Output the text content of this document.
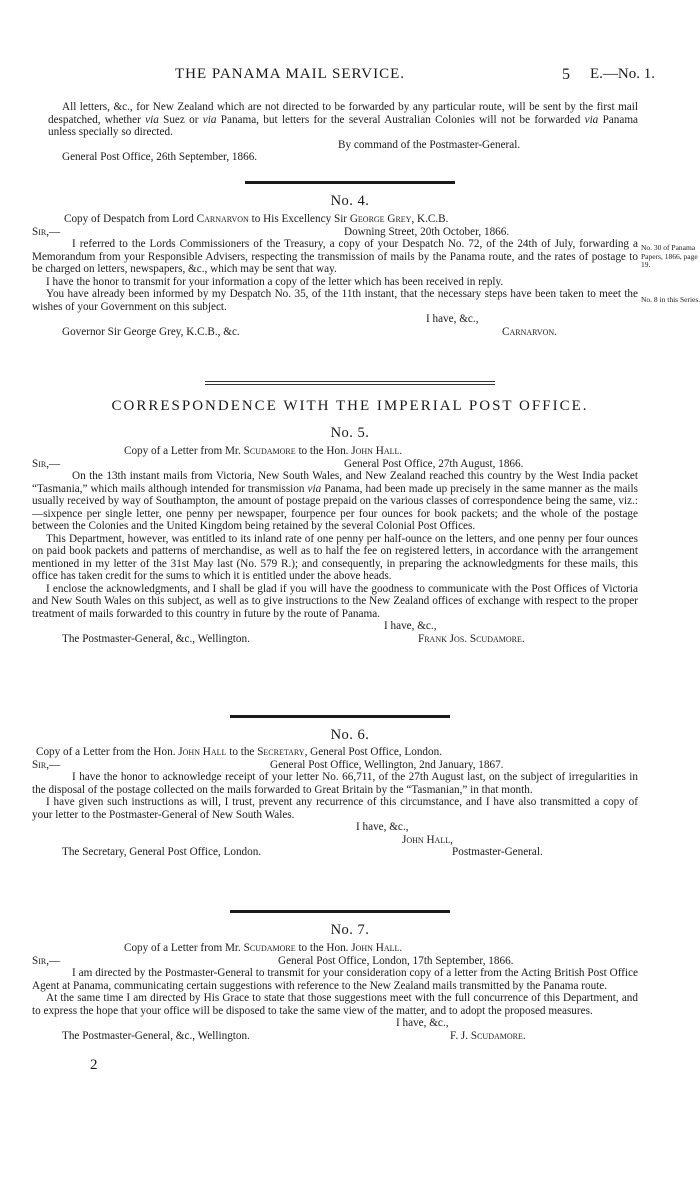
THE PANAMA MAIL SERVICE.	5 E.—No. 1.

All letters, &c., for New Zealand which are not directed to be forwarded by any particular route, will be sent by the first mail despatched, whether via Suez or via Panama, but letters for the several Australian Colonies will not be forwarded via Panama unless specially so directed.

By command of the Postmaster-General.

General Post Office, 26th September, 1866.

No. 4.

Copy of Despatch from Lord Carnarvon to His Excellency Sir George Grey, K.C.B.

Sir,—	Downing Street, 20th October, 1866.

I referred to the Lords Commissioners of the Treasury, a copy of your Despatch No. 72, of the 24th of July, forwarding a Memorandum from your Responsible Advisers, respecting the transmission of mails by the Panama route, and the rates of postage to be charged on letters, newspapers, &c., which may be sent that way.

I have the honor to transmit for your information a copy of the letter which has been received in reply.

You have already been informed by my Despatch No. 35, of the 11th instant, that the necessary steps have been taken to meet the wishes of your Government on this subject.

I have, &c.,

Governor Sir George Grey, K.C.B., &c.	Carnarvon.
No. 30 of Panama Papers, 1866, page 19.
No. 8 in this Series.

CORRESPONDENCE WITH THE IMPERIAL POST OFFICE.

No. 5.

Copy of a Letter from Mr. Scudamore to the Hon. John Hall.

Sir,—	General Post Office, 27th August, 1866.

On the 13th instant mails from Victoria, New South Wales, and New Zealand reached this country by the West India packet “Tasmania,” which mails although intended for transmission via Panama, had been made up precisely in the same manner as the mails usually received by way of Southampton, the amount of postage prepaid on the various classes of correspondence being the same, viz.:—sixpence per single letter, one penny per newspaper, fourpence per four ounces for book packets; and the whole of the postage between the Colonies and the United Kingdom being retained by the several Colonial Post Offices.

This Department, however, was entitled to its inland rate of one penny per half-ounce on the letters, and one penny per four ounces on paid book packets and patterns of merchandise, as well as to half the fee on registered letters, in accordance with the arrangement mentioned in my letter of the 31st May last (No. 579 R.); and consequently, in preparing the acknowledgments for these mails, this office has taken credit for the sums to which it is entitled under the above heads.

I enclose the acknowledgments, and I shall be glad if you will have the goodness to communicate with the Post Offices of Victoria and New South Wales on this subject, as well as to give instructions to the New Zealand offices of exchange with respect to the proper treatment of mails forwarded to this country in future by the route of Panama.

I have, &c.,

The Postmaster-General, &c., Wellington.	Frank Jos. Scudamore.

No. 6.

Copy of a Letter from the Hon. John Hall to the Secretary, General Post Office, London.

Sir,—	General Post Office, Wellington, 2nd January, 1867.

I have the honor to acknowledge receipt of your letter No. 66,711, of the 27th August last, on the subject of irregularities in the disposal of the postage collected on the mails forwarded to Great Britain by the “Tasmanian,” in that month.

I have given such instructions as will, I trust, prevent any recurrence of this circumstance, and I have also transmitted a copy of your letter to the Postmaster-General of New South Wales.

I have, &c.,

John Hall,

The Secretary, General Post Office, London.	Postmaster-General.

No. 7.

Copy of a Letter from Mr. Scudamore to the Hon. John Hall.

Sir,—	General Post Office, London, 17th September, 1866.

I am directed by the Postmaster-General to transmit for your consideration copy of a letter from the Acting British Post Office Agent at Panama, communicating certain suggestions with reference to the New Zealand mails transmitted by the Panama route.

At the same time I am directed by His Grace to state that those suggestions meet with the full concurrence of this Department, and to express the hope that your office will be disposed to take the same view of the matter, and to adopt the proposed measures.

I have, &c.,

The Postmaster-General, &c., Wellington.	F. J. Scudamore.
2
